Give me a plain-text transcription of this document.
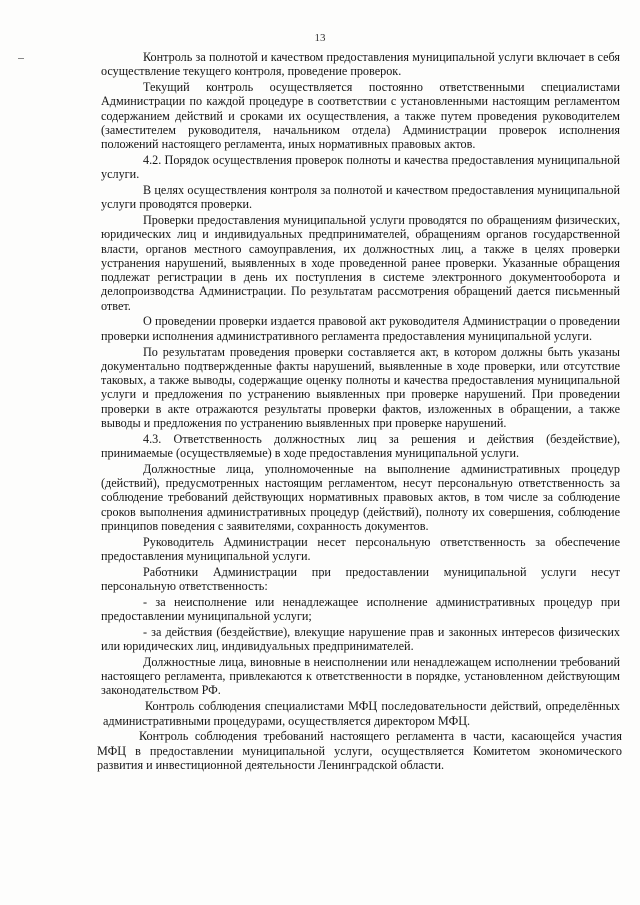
13

Контроль за полнотой и качеством предоставления муниципальной услуги включает в себя осуществление текущего контроля, проведение проверок.

Текущий контроль осуществляется постоянно ответственными специалистами Администрации по каждой процедуре в соответствии с установленными настоящим регламентом содержанием действий и сроками их осуществления, а также путем проведения руководителем (заместителем руководителя, начальником отдела) Администрации проверок исполнения положений настоящего регламента, иных нормативных правовых актов.

4.2. Порядок осуществления проверок полноты и качества предоставления муниципальной услуги.

В целях осуществления контроля за полнотой и качеством предоставления муниципальной услуги проводятся проверки.

Проверки предоставления муниципальной услуги проводятся по обращениям физических, юридических лиц и индивидуальных предпринимателей, обращениям органов государственной власти, органов местного самоуправления, их должностных лиц, а также в целях проверки устранения нарушений, выявленных в ходе проведенной ранее проверки. Указанные обращения подлежат регистрации в день их поступления в системе электронного документооборота и делопроизводства Администрации. По результатам рассмотрения обращений дается письменный ответ.

О проведении проверки издается правовой акт руководителя Администрации о проведении проверки исполнения административного регламента предоставления муниципальной услуги.

По результатам проведения проверки составляется акт, в котором должны быть указаны документально подтвержденные факты нарушений, выявленные в ходе проверки, или отсутствие таковых, а также выводы, содержащие оценку полноты и качества предоставления муниципальной услуги и предложения по устранению выявленных при проверке нарушений. При проведении проверки в акте отражаются результаты проверки фактов, изложенных в обращении, а также выводы и предложения по устранению выявленных при проверке нарушений.

4.3. Ответственность должностных лиц за решения и действия (бездействие), принимаемые (осуществляемые) в ходе предоставления муниципальной услуги.

Должностные лица, уполномоченные на выполнение административных процедур (действий), предусмотренных настоящим регламентом, несут персональную ответственность за соблюдение требований действующих нормативных правовых актов, в том числе за соблюдение сроков выполнения административных процедур (действий), полноту их совершения, соблюдение принципов поведения с заявителями, сохранность документов.

Руководитель Администрации несет персональную ответственность за обеспечение предоставления муниципальной услуги.

Работники Администрации при предоставлении муниципальной услуги несут персональную ответственность:

- за неисполнение или ненадлежащее исполнение административных процедур при предоставлении муниципальной услуги;

- за действия (бездействие), влекущие нарушение прав и законных интересов физических или юридических лиц, индивидуальных предпринимателей.

Должностные лица, виновные в неисполнении или ненадлежащем исполнении требований настоящего регламента, привлекаются к ответственности в порядке, установленном действующим законодательством РФ.

Контроль соблюдения специалистами МФЦ последовательности действий, определённых административными процедурами, осуществляется директором МФЦ.

Контроль соблюдения требований настоящего регламента в части, касающейся участия МФЦ в предоставлении муниципальной услуги, осуществляется Комитетом экономического развития и инвестиционной деятельности Ленинградской области.
